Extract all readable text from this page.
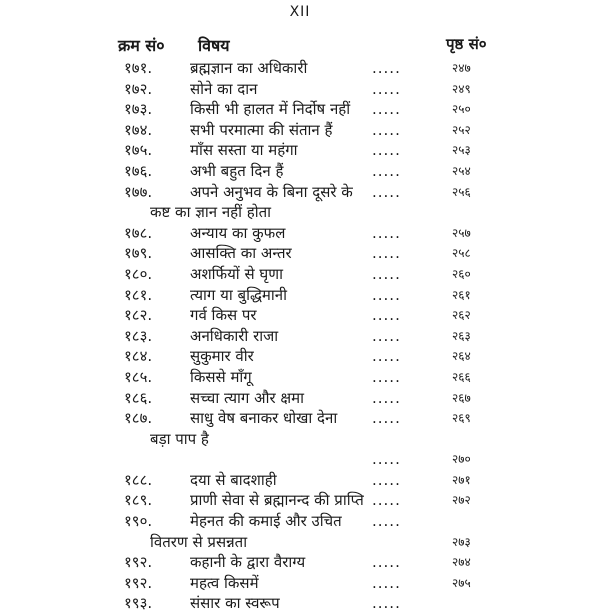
XII
क्रम सं० विषय	पृष्ठ सं०
१७१.	ब्रह्मज्ञान का अधिकारी	.....	२४७
१७२.	सोने का दान	.....	२४९
१७३.	किसी भी हालत में निर्दोष नहीं .....	२५०
१७४.	सभी परमात्मा की संतान हैं	.....	२५२
१७५.	माँस सस्ता या महंगा	.....	२५३
१७६.	अभी बहुत दिन हैं	.....	२५४
१७७.	अपने अनुभव के बिना दूसरे के .....	२५६
कष्ट का ज्ञान नहीं होता
१७८.	अन्याय का कुफल	.....	२५७
१७९.	आसक्ति का अन्तर	.....	२५८
१८०.	अशर्फियों से घृणा	.....	२६०
१८१.	त्याग या बुद्धिमानी	.....	२६१
१८२.	गर्व किस पर	.....	२६२
१८३.	अनधिकारी राजा	.....	२६३
१८४.	सुकुमार वीर	.....	२६४
१८५.	किससे माँगू	.....	२६६
१८६.	सच्चा त्याग और क्षमा	.....	२६७
१८७.	साधु वेष बनाकर धोखा देना .....	२६९
बड़ा पाप है
.....	२७०
१८८.	दया से बादशाही	.....	२७१
१८९.	प्राणी सेवा से ब्रह्मानन्द की प्राप्ति .....	२७२
१९०.	मेहनत की कमाई और उचित .....
वितरण से प्रसन्नता	२७३
१९२.	कहानी के द्वारा वैराग्य	.....	२७४
१९२.	महत्व किसमें	.....	२७५
१९३.	संसार का स्वरूप	.....
